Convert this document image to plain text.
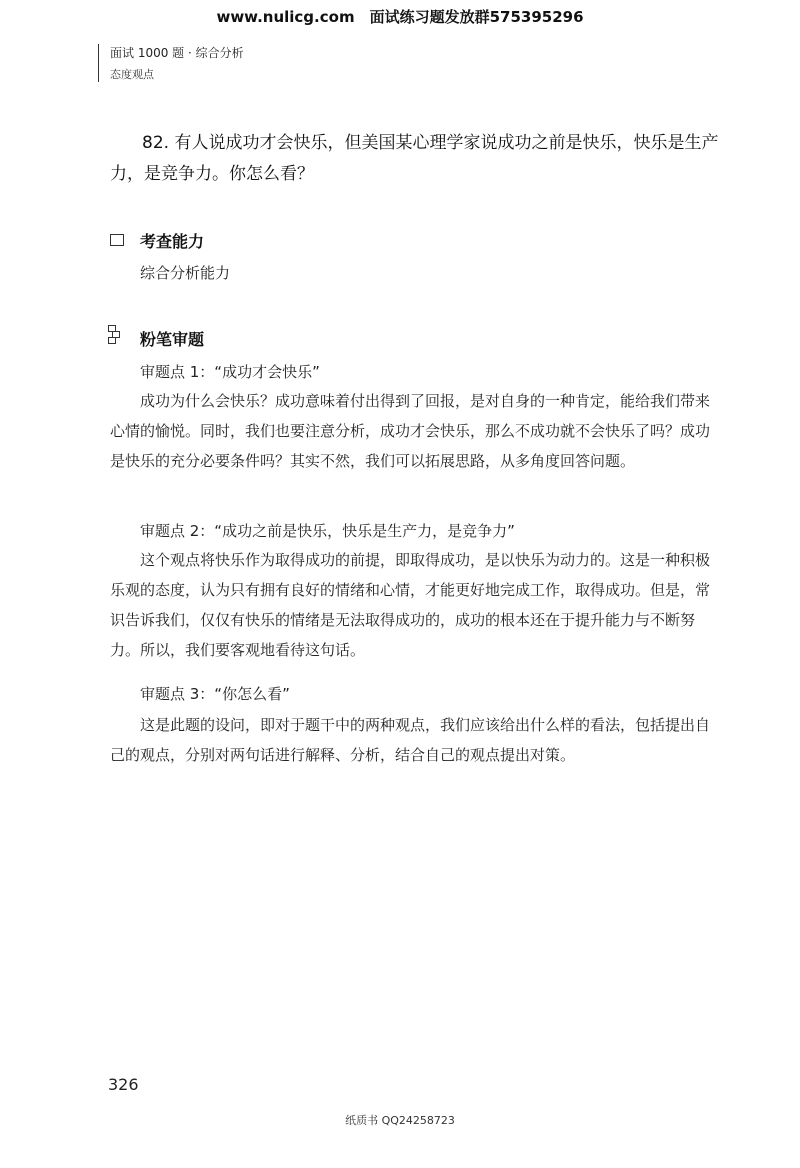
www.nulicg.com　面试练习题发放群575395296
面试 1000 题 · 综合分析
态度观点
82. 有人说成功才会快乐，但美国某心理学家说成功之前是快乐，快乐是生产力，是竞争力。你怎么看？
考查能力
综合分析能力
粉笔审题
审题点 1：“成功才会快乐”

成功为什么会快乐？成功意味着付出得到了回报，是对自身的一种肯定，能给我们带来心情的愉悦。同时，我们也要注意分析，成功才会快乐，那么不成功就不会快乐了吗？成功是快乐的充分必要条件吗？其实不然，我们可以拓展思路，从多角度回答问题。

审题点 2：“成功之前是快乐，快乐是生产力，是竞争力”

这个观点将快乐作为取得成功的前提，即取得成功，是以快乐为动力的。这是一种积极乐观的态度，认为只有拥有良好的情绪和心情，才能更好地完成工作，取得成功。但是，常识告诉我们，仅仅有快乐的情绪是无法取得成功的，成功的根本还在于提升能力与不断努力。所以，我们要客观地看待这句话。

审题点 3：“你怎么看”

这是此题的设问，即对于题干中的两种观点，我们应该给出什么样的看法，包括提出自己的观点，分别对两句话进行解释、分析，结合自己的观点提出对策。

326
纸质书 QQ24258723
